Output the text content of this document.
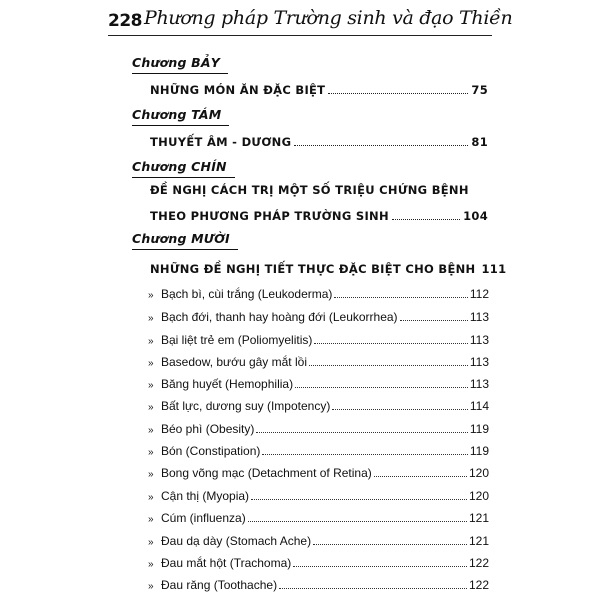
228 Phương pháp Trường sinh và đạo Thiền
Chương BẢY
NHỮNG MÓN ĂN ĐẶC BIỆT	75
Chương TÁM
THUYẾT ÂM - DƯƠNG	81
Chương CHÍN
ĐỀ NGHỊ CÁCH TRỊ MỘT SỐ TRIỆU CHỨNG BỆNH
THEO PHƯƠNG PHÁP TRƯỜNG SINH	104
Chương MƯỜI
NHỮNG ĐỀ NGHỊ TIẾT THỰC ĐẶC BIỆT CHO BỆNH 111
» Bạch bì, cùi trắng (Leukoderma)	112
» Bạch đới, thanh hay hoàng đới (Leukorrhea)	113
» Bại liệt trẻ em (Poliomyelitis)	113
» Basedow, bướu gây mắt lồi	113
» Băng huyết (Hemophilia)	113
» Bất lực, dương suy (Impotency)	114
» Béo phì (Obesity)	119
» Bón (Constipation)	119
» Bong võng mạc (Detachment of Retina)	120
» Cận thị (Myopia)	120
» Cúm (influenza)	121
» Đau dạ dày (Stomach Ache)	121
» Đau mắt hột (Trachoma)	122
» Đau răng (Toothache)	122
